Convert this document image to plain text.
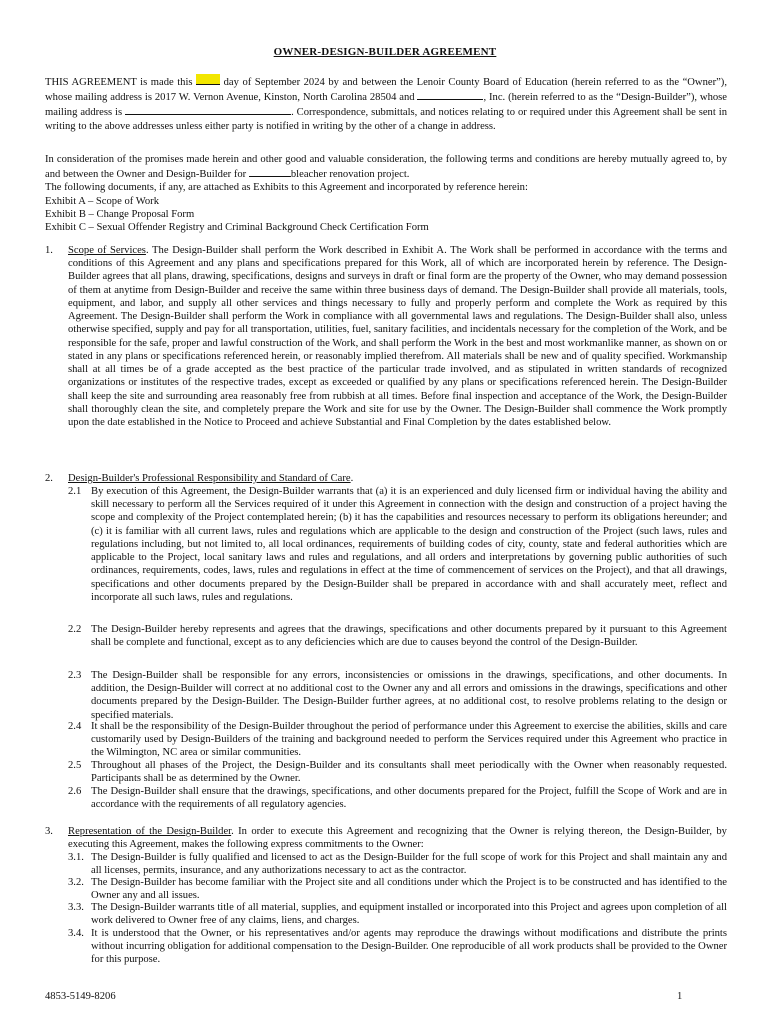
OWNER-DESIGN-BUILDER AGREEMENT
THIS AGREEMENT is made this  day of September 2024 by and between the Lenoir County Board of Education (herein referred to as the “Owner”), whose mailing address is 2017 W. Vernon Avenue, Kinston, North Carolina 28504 and	, Inc. (herein referred to as the “Design-Builder”), whose mailing address is	. Correspondence, submittals, and notices relating to or required under this Agreement shall be sent in writing to the above addresses unless either party is notified in writing by the other of a change in address.
In consideration of the promises made herein and other good and valuable consideration, the following terms and conditions are hereby mutually agreed to, by and between the Owner and Design-Builder for	bleacher renovation project.

The following documents, if any, are attached as Exhibits to this Agreement and incorporated by reference herein:

Exhibit A – Scope of Work

Exhibit B – Change Proposal Form

Exhibit C – Sexual Offender Registry and Criminal Background Check Certification Form

1. Scope of Services. The Design-Builder shall perform the Work described in Exhibit A. The Work shall be performed in accordance with the terms and conditions of this Agreement and any plans and specifications prepared for this Work, all of which are incorporated herein by reference. The Design-Builder agrees that all plans, drawing, specifications, designs and surveys in draft or final form are the property of the Owner, who may demand possession of them at anytime from Design-Builder and receive the same within three business days of demand. The Design-Builder shall provide all materials, tools, equipment, and labor, and supply all other services and things necessary to fully and properly perform and complete the Work as required by this Agreement. The Design-Builder shall perform the Work in compliance with all governmental laws and regulations. The Design-Builder shall also, unless otherwise specified, supply and pay for all transportation, utilities, fuel, sanitary facilities, and incidentals necessary for the completion of the Work, and be responsible for the safe, proper and lawful construction of the Work, and shall perform the Work in the best and most workmanlike manner, as shown on or stated in any plans or specifications referenced herein, or reasonably implied therefrom. All materials shall be new and of quality specified. Workmanship shall at all times be of a grade accepted as the best practice of the particular trade involved, and as stipulated in written standards of recognized organizations or institutes of the respective trades, except as exceeded or qualified by any plans or specifications referenced herein. The Design-Builder shall keep the site and surrounding area reasonably free from rubbish at all times. Before final inspection and acceptance of the Work, the Design-Builder shall thoroughly clean the site, and completely prepare the Work and site for use by the Owner. The Design-Builder shall commence the Work promptly upon the date established in the Notice to Proceed and achieve Substantial and Final Completion by the dates established below.
2. Design-Builder's Professional Responsibility and Standard of Care.
2.1 By execution of this Agreement, the Design-Builder warrants that (a) it is an experienced and duly licensed firm or individual having the ability and skill necessary to perform all the Services required of it under this Agreement in connection with the design and construction of a project having the scope and complexity of the Project contemplated herein; (b) it has the capabilities and resources necessary to perform its obligations hereunder; and (c) it is familiar with all current laws, rules and regulations which are applicable to the design and construction of the Project (such laws, rules and regulations including, but not limited to, all local ordinances, requirements of building codes of city, county, state and federal authorities which are applicable to the Project, local sanitary laws and rules and regulations, and all orders and interpretations by governing public authorities of such ordinances, requirements, codes, laws, rules and regulations in effect at the time of commencement of services on the Project), and that all drawings, specifications and other documents prepared by the Design-Builder shall be prepared in accordance with and shall accurately meet, reflect and incorporate all such laws, rules and regulations.
2.2 The Design-Builder hereby represents and agrees that the drawings, specifications and other documents prepared by it pursuant to this Agreement shall be complete and functional, except as to any deficiencies which are due to causes beyond the control of the Design-Builder.
2.3 The Design-Builder shall be responsible for any errors, inconsistencies or omissions in the drawings, specifications, and other documents. In addition, the Design-Builder will correct at no additional cost to the Owner any and all errors and omissions in the drawings, specifications and other documents prepared by the Design-Builder. The Design-Builder further agrees, at no additional cost, to resolve problems relating to the design or specified materials.
2.4 It shall be the responsibility of the Design-Builder throughout the period of performance under this Agreement to exercise the abilities, skills and care customarily used by Design-Builders of the training and background needed to perform the Services required under this Agreement who practice in the Wilmington, NC area or similar communities.
2.5 Throughout all phases of the Project, the Design-Builder and its consultants shall meet periodically with the Owner when reasonably requested. Participants shall be as determined by the Owner.
2.6 The Design-Builder shall ensure that the drawings, specifications, and other documents prepared for the Project, fulfill the Scope of Work and are in accordance with the requirements of all regulatory agencies.
3. Representation of the Design-Builder. In order to execute this Agreement and recognizing that the Owner is relying thereon, the Design-Builder, by executing this Agreement, makes the following express commitments to the Owner:
3.1. The Design-Builder is fully qualified and licensed to act as the Design-Builder for the full scope of work for this Project and shall maintain any and all licenses, permits, insurance, and any authorizations necessary to act as the contractor.
3.2. The Design-Builder has become familiar with the Project site and all conditions under which the Project is to be constructed and has identified to the Owner any and all issues.
3.3. The Design-Builder warrants title of all material, supplies, and equipment installed or incorporated into this Project and agrees upon completion of all work delivered to Owner free of any claims, liens, and charges.
3.4. It is understood that the Owner, or his representatives and/or agents may reproduce the drawings without modifications and distribute the prints without incurring obligation for additional compensation to the Design-Builder. One reproducible of all work products shall be provided to the Owner for this purpose.
4853-5149-8206	1
